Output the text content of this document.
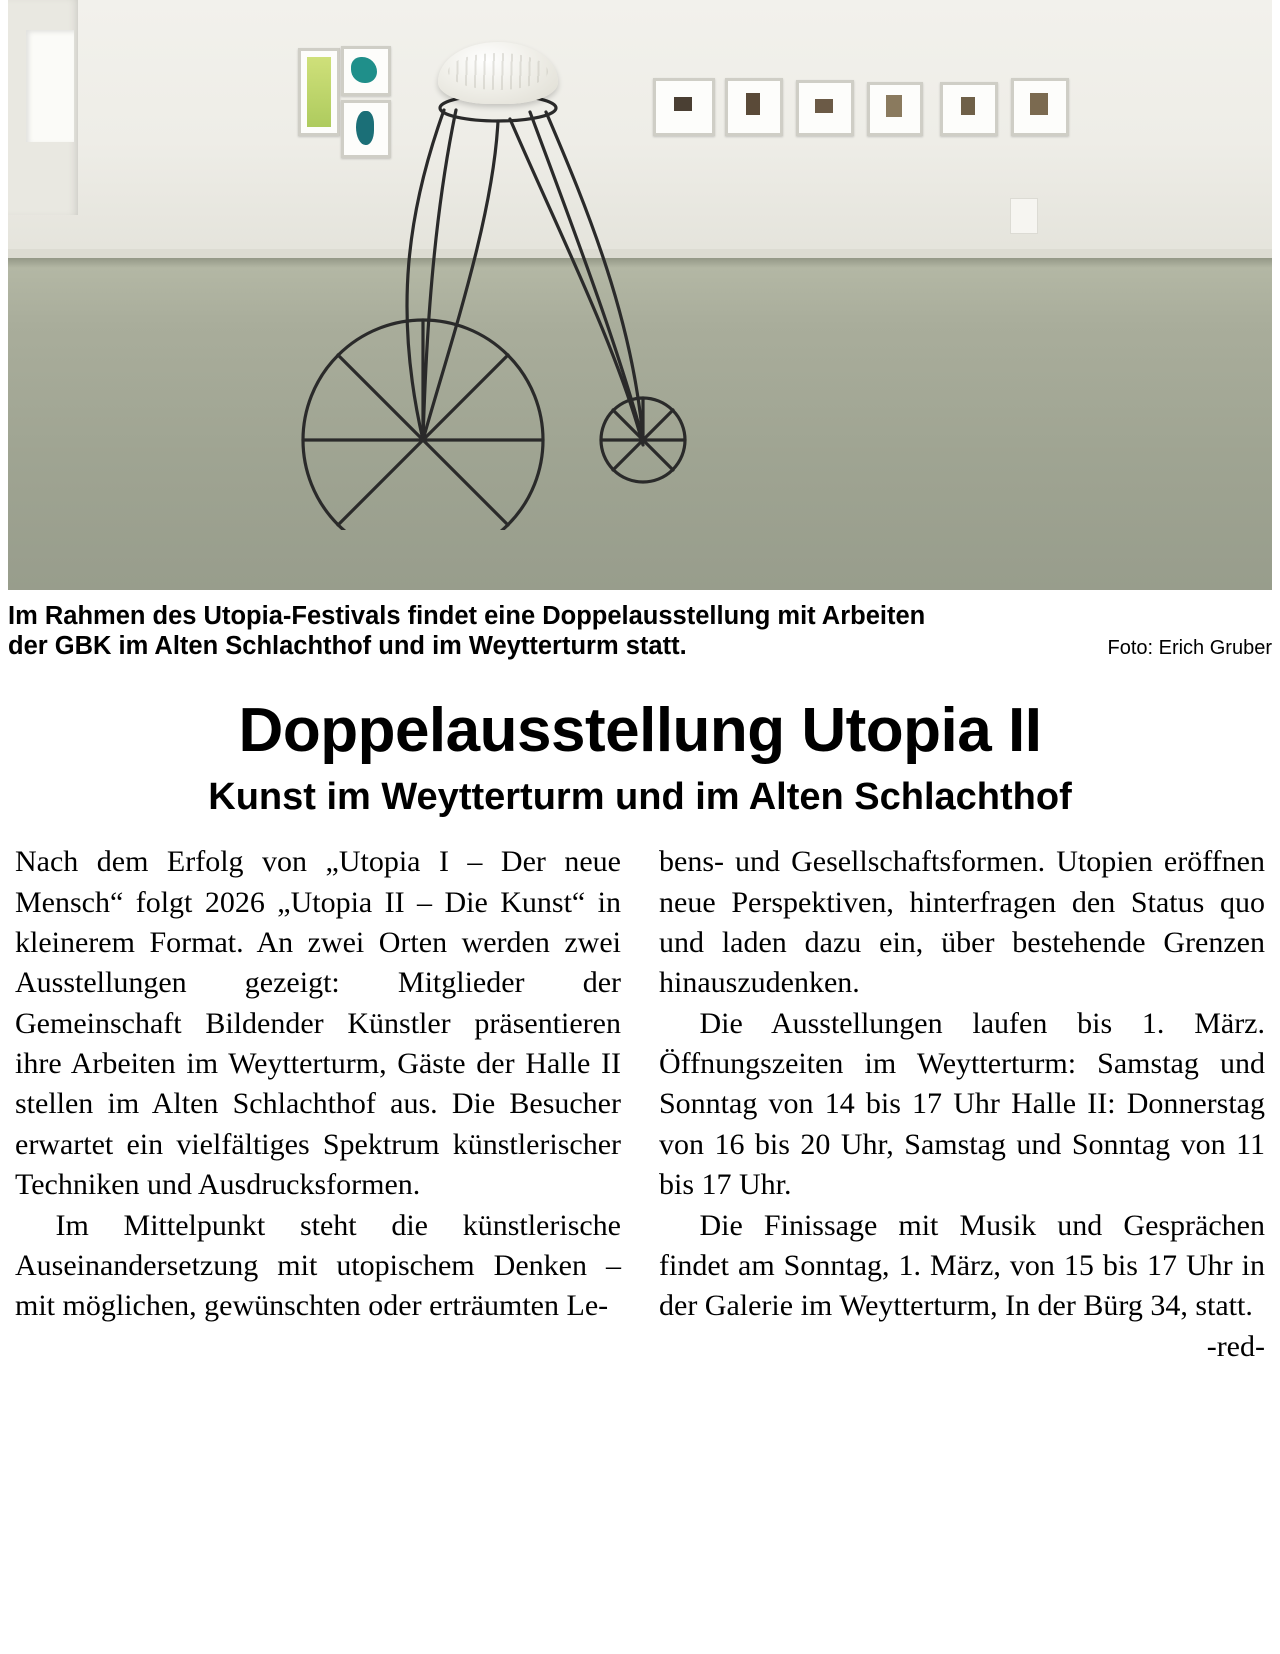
Im Rahmen des Utopia-Festivals findet eine Doppelausstellung mit Arbeiten

der GBK im Alten Schlachthof und im Weytterturm statt.	Foto: Erich Gruber
Doppelausstellung Utopia II
Kunst im Weytterturm und im Alten Schlachthof

Nach dem Erfolg von „Utopia I – Der neue Mensch“ folgt 2026 „Utopia II – Die Kunst“ in kleinerem Format. An zwei Orten werden zwei Ausstellungen gezeigt: Mitglieder der Gemeinschaft Bildender Künstler präsentieren ihre Arbeiten im Weytterturm, Gäste der Halle II stellen im Alten Schlachthof aus. Die Besucher erwartet ein vielfältiges Spektrum künstlerischer Techniken und Ausdrucksformen.

Im Mittelpunkt steht die künstlerische Auseinandersetzung mit utopischem Denken – mit möglichen, gewünschten oder erträumten Le-

bens- und Gesellschaftsformen. Utopien eröffnen neue Perspektiven, hinterfragen den Status quo und laden dazu ein, über bestehende Grenzen hinauszudenken.

Die Ausstellungen laufen bis 1. März. Öffnungszeiten im Weytterturm: Samstag und Sonntag von 14 bis 17 Uhr Halle II: Donnerstag von 16 bis 20 Uhr, Samstag und Sonntag von 11 bis 17 Uhr.

Die Finissage mit Musik und Gesprächen findet am Sonntag, 1. März, von 15 bis 17 Uhr in der Galerie im Weytterturm, In der Bürg 34, statt.

-red-
